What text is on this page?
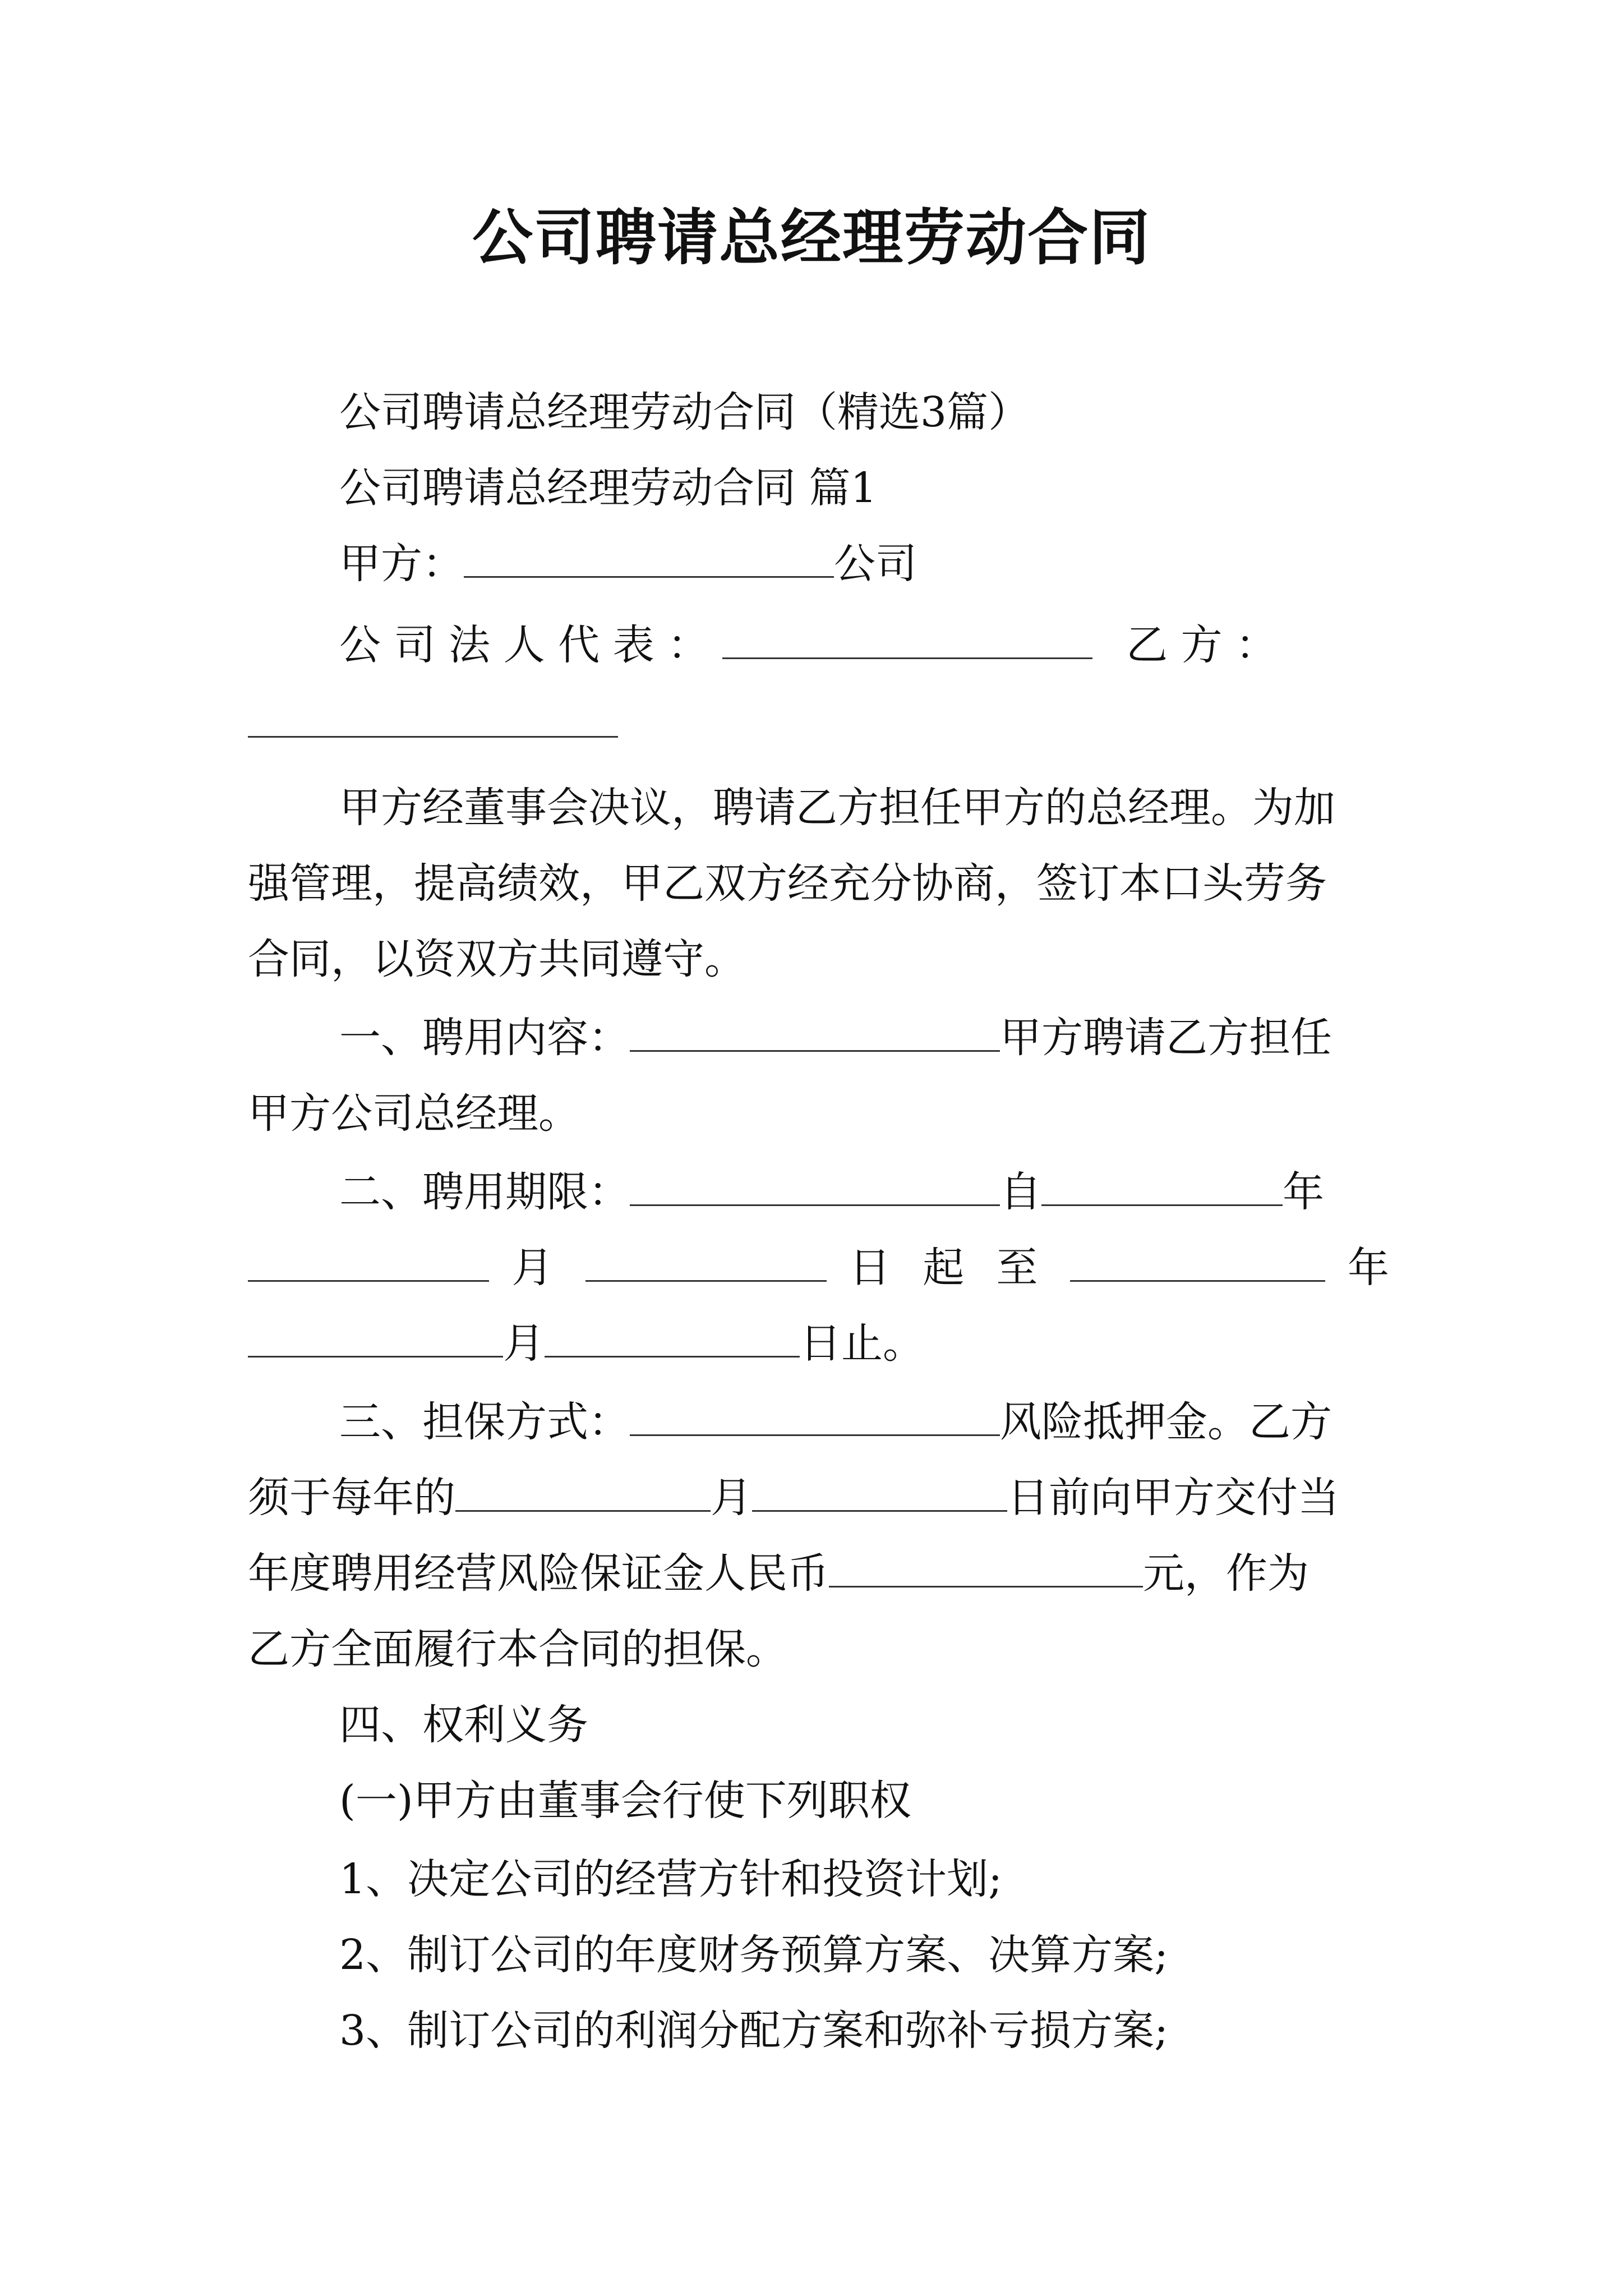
公司聘请总经理劳动合同

公司聘请总经理劳动合同（精选3篇）

公司聘请总经理劳动合同 篇1

甲方：	公司

公 司 法 人 代 表 ：	乙 方 ：

甲方经董事会决议，聘请乙方担任甲方的总经理。为加

强管理，提高绩效，甲乙双方经充分协商，签订本口头劳务

合同，以资双方共同遵守。

一、聘用内容：	甲方聘请乙方担任

甲方公司总经理。

二、聘用期限：	自	年

月	日 起 至	年

月	日止。

三、担保方式：	风险抵押金。乙方

须于每年的	月	日前向甲方交付当

年度聘用经营风险保证金人民币	元，作为

乙方全面履行本合同的担保。

四、权利义务

(一)甲方由董事会行使下列职权

1、决定公司的经营方针和投资计划;

2、制订公司的年度财务预算方案、决算方案;

3、制订公司的利润分配方案和弥补亏损方案;
